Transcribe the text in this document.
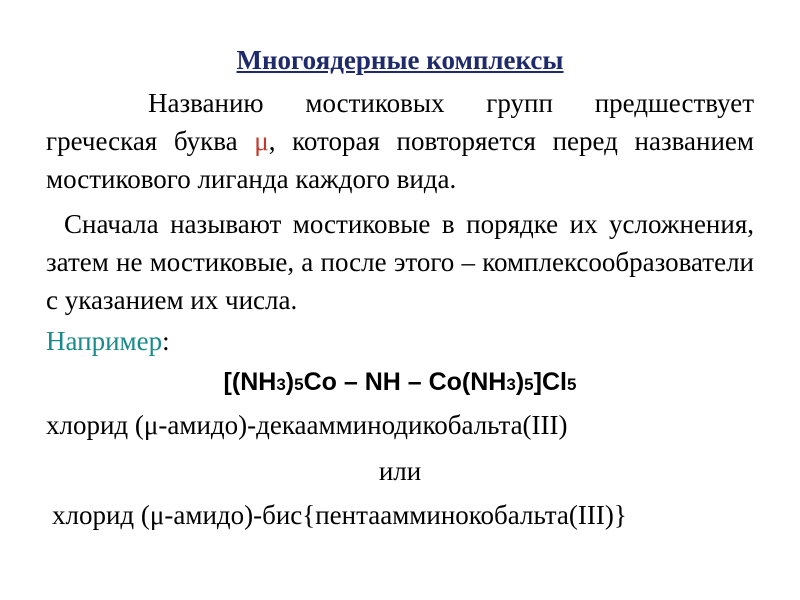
Многоядерные комплексы
Названию мостиковых групп предшествует греческая буква μ, которая повторяется перед названием мостикового лиганда каждого вида.
Сначала называют мостиковые в порядке их усложнения, затем не мостиковые, а после этого – комплексообразователи с указанием их числа.
Например:
[(NH3)5Co – NH – Co(NH3)5]Cl5
хлорид (μ-амидо)-декаамминодикобальта(III)
или
хлорид (μ-амидо)-бис{пентаамминокобальта(III)}
